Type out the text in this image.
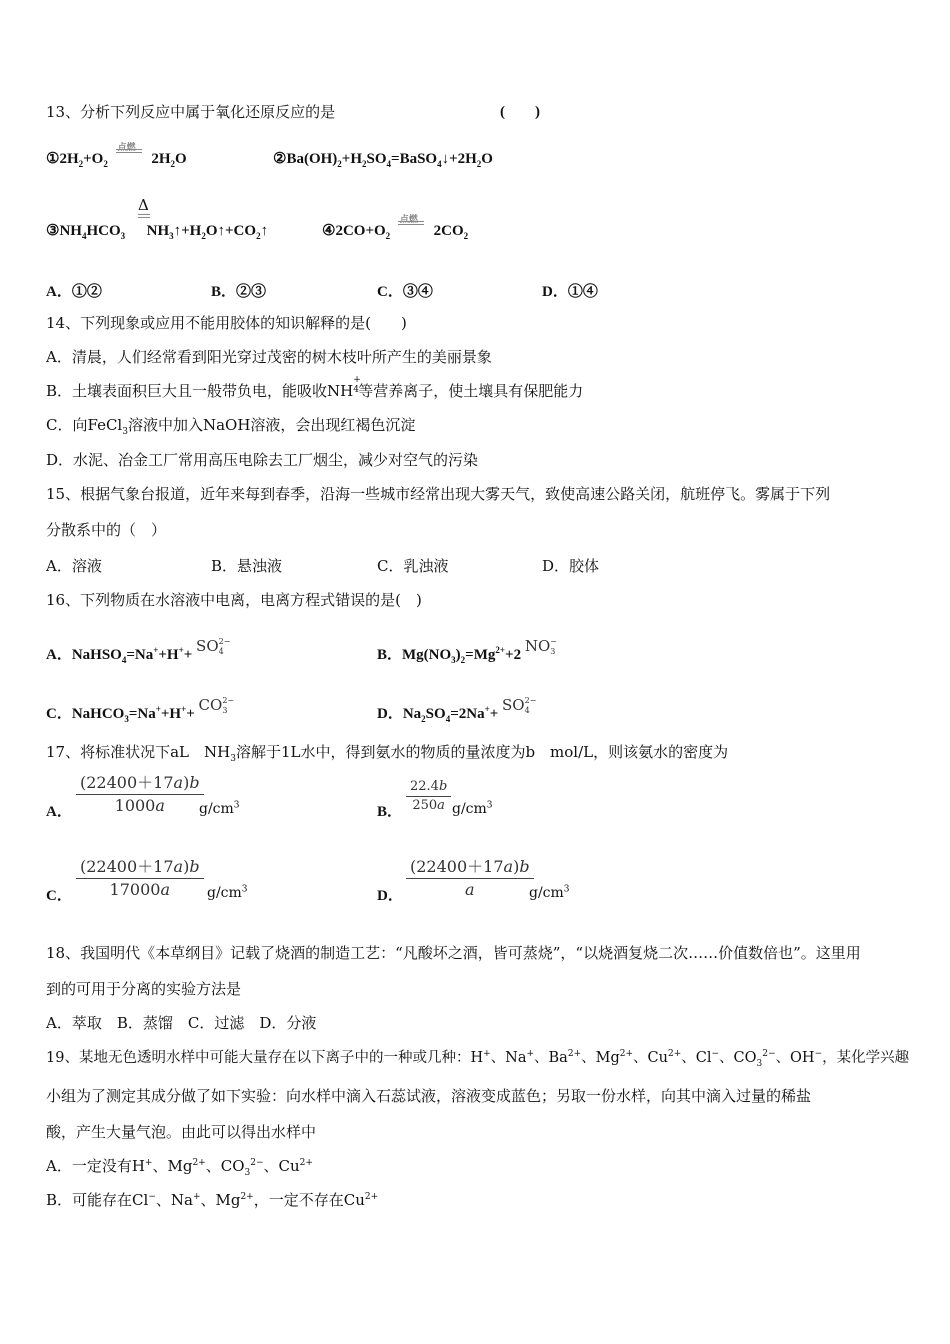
13、分析下列反应中属于氧化还原反应的是	(　　)
$①2H_2+O_2$
点燃
$2H_2O$	$②Ba(OH)_2+H_2SO_4=BaSO_4↓+2H_2O$
Δ
$③NH_4HCO_3$ $NH_3↑+H_2O↑+CO_2↑$	$④2CO+O_2$
点燃
$2CO_2$
A．①②	B．②③	C．③④	D．①④
14、下列现象或应用不能用胶体的知识解释的是(　　)
A．清晨，人们经常看到阳光穿过茂密的树木枝叶所产生的美丽景象
B．土壤表面积巨大且一般带负电，能吸收NH 4
+
等营养离子，使土壤具有保肥能力
C．向FeCl$_3$溶液中加入NaOH溶液，会出现红褐色沉淀
D．水泥、冶金工厂常用高压电除去工厂烟尘，减少对空气的污染
15、根据气象台报道，近年来每到春季，沿海一些城市经常出现大雾天气，致使高速公路关闭，航班停飞。雾属于下列
分散系中的（　）
A．溶液	B．悬浊液	C．乳浊液	D．胶体
16、下列物质在水溶液中电离，电离方程式错误的是(　)
A．NaHSO$_4$=Na++H++ SO 2−
4	B．$Mg(NO_3)_2=Mg^{2+}+2$ NO −
3
C．NaHCO$_3$=Na++H++ CO 2−
3	D．$Na_2SO_4=2Na^++$ SO 2−
4
17、将标准状况下aL　$NH_3$溶解于1L水中，得到氨水的物质的量浓度为b　mol/L，则该氨水的密度为
A． $\frac{(22400+17a)b}{1000a}$
$g/cm^3$	B． $\frac{22.4b}{250a} g/cm^3$
C． $\frac{(22400+17a)b}{17000a} g/cm^3$	D． $\frac{(22400+17a)b}{a}$
$g/cm^3$
18、我国明代《本草纲目》记载了烧酒的制造工艺：“凡酸坏之酒，皆可蒸烧”，“以烧酒复烧二次……价值数倍也”。这里用
到的可用于分离的实验方法是
A．萃取　B．蒸馏　C．过滤　D．分液
19、某地无色透明水样中可能大量存在以下离子中的一种或几种：H+、Na+、$Ba^{2+}$、$Mg^{2+}$、$Cu^{2+}$、Cl−、$CO_3^{2-}$、OH−，某化学兴趣
小组为了测定其成分做了如下实验：向水样中滴入石蕊试液，溶液变成蓝色；另取一份水样，向其中滴入过量的稀盐
酸，产生大量气泡。由此可以得出水样中
A．一定没有H+、$Mg^{2+}$、$CO_3^{2-}$、$Cu^{2+}$
B．可能存在Cl−、Na+、$Mg^{2+}$，一定不存在$Cu^{2+}$
